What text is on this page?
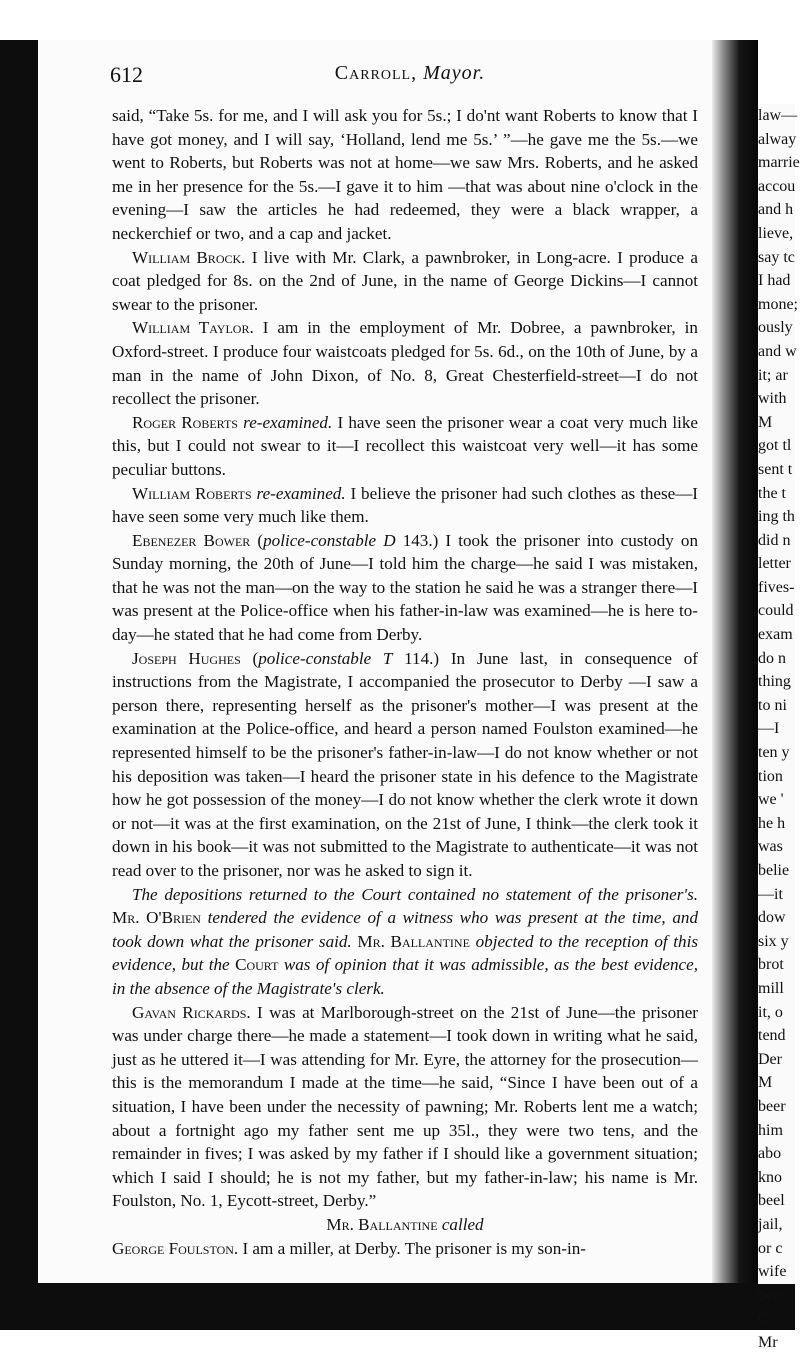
612	Carroll, Mayor.

said, “Take 5s. for me, and I will ask you for 5s.; I do'nt want Roberts to know that I have got money, and I will say, ‘Holland, lend me 5s.’ ”—he gave me the 5s.—we went to Roberts, but Roberts was not at home—we saw Mrs. Roberts, and he asked me in her presence for the 5s.—I gave it to him —that was about nine o'clock in the evening—I saw the articles he had redeemed, they were a black wrapper, a neckerchief or two, and a cap and jacket.

William Brock. I live with Mr. Clark, a pawnbroker, in Long-acre. I produce a coat pledged for 8s. on the 2nd of June, in the name of George Dickins—I cannot swear to the prisoner.

William Taylor. I am in the employment of Mr. Dobree, a pawnbroker, in Oxford-street. I produce four waistcoats pledged for 5s. 6d., on the 10th of June, by a man in the name of John Dixon, of No. 8, Great Chesterfield-street—I do not recollect the prisoner.

Roger Roberts re-examined. I have seen the prisoner wear a coat very much like this, but I could not swear to it—I recollect this waistcoat very well—it has some peculiar buttons.

William Roberts re-examined. I believe the prisoner had such clothes as these—I have seen some very much like them.

Ebenezer Bower (police-constable D 143.) I took the prisoner into custody on Sunday morning, the 20th of June—I told him the charge—he said I was mistaken, that he was not the man—on the way to the station he said he was a stranger there—I was present at the Police-office when his father-in-law was examined—he is here to-day—he stated that he had come from Derby.

Joseph Hughes (police-constable T 114.) In June last, in consequence of instructions from the Magistrate, I accompanied the prosecutor to Derby —I saw a person there, representing herself as the prisoner's mother—I was present at the examination at the Police-office, and heard a person named Foulston examined—he represented himself to be the prisoner's father-in-law—I do not know whether or not his deposition was taken—I heard the prisoner state in his defence to the Magistrate how he got possession of the money—I do not know whether the clerk wrote it down or not—it was at the first examination, on the 21st of June, I think—the clerk took it down in his book—it was not submitted to the Magistrate to authenticate—it was not read over to the prisoner, nor was he asked to sign it.

The depositions returned to the Court contained no statement of the prisoner's. Mr. O'Brien tendered the evidence of a witness who was present at the time, and took down what the prisoner said. Mr. Ballantine objected to the reception of this evidence, but the Court was of opinion that it was admissible, as the best evidence, in the absence of the Magistrate's clerk.

Gavan Rickards. I was at Marlborough-street on the 21st of June—the prisoner was under charge there—he made a statement—I took down in writing what he said, just as he uttered it—I was attending for Mr. Eyre, the attorney for the prosecution—this is the memorandum I made at the time—he said, “Since I have been out of a situation, I have been under the necessity of pawning; Mr. Roberts lent me a watch; about a fortnight ago my father sent me up 35l., they were two tens, and the remainder in fives; I was asked by my father if I should like a government situation; which I said I should; he is not my father, but my father-in-law; his name is Mr. Foulston, No. 1, Eycott-street, Derby.”

Mr. Ballantine called

George Foulston. I am a miller, at Derby. The prisoner is my son-in-

law—
alway
marrie
accou
and h
lieve,
say tc
I had
mone;
ously
and w
it; ar
with
M
got tl
sent t
the t
ing th
did n
letter
fives-
could
exam
do n
thing
to ni
—I
ten y
tion
we '
he h
was
belie
—it
dow
six y
brot
mill
it, o
tend
Der
M
beer
him
abo
kno
beel
jail,
or c
wife
bee
C
Mr
